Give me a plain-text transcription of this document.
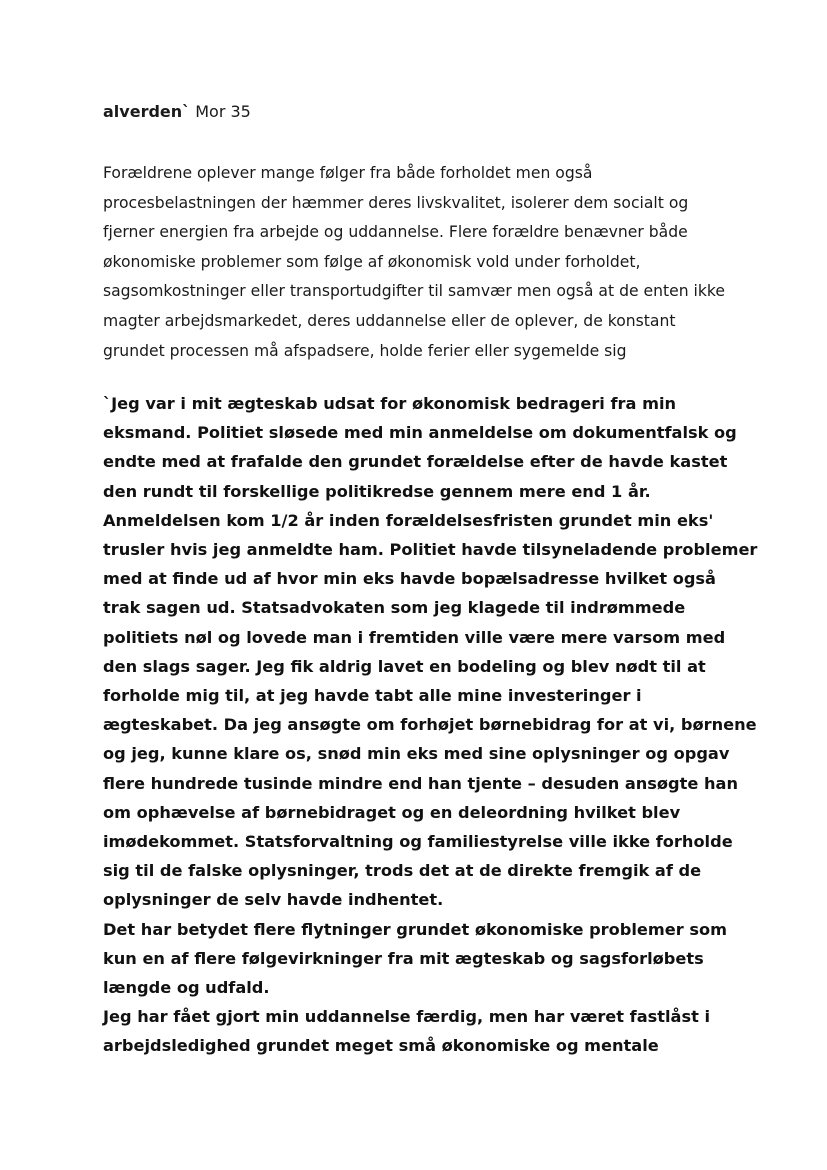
alverden` Mor 35
Forældrene oplever mange følger fra både forholdet men også
procesbelastningen der hæmmer deres livskvalitet, isolerer dem socialt og
fjerner energien fra arbejde og uddannelse. Flere forældre benævner både
økonomiske problemer som følge af økonomisk vold under forholdet,
sagsomkostninger eller transportudgifter til samvær men også at de enten ikke
magter arbejdsmarkedet, deres uddannelse eller de oplever, de konstant
grundet processen må afspadsere, holde ferier eller sygemelde sig
`Jeg var i mit ægteskab udsat for økonomisk bedrageri fra min
eksmand. Politiet sløsede med min anmeldelse om dokumentfalsk og
endte med at frafalde den grundet forældelse efter de havde kastet
den rundt til forskellige politikredse gennem mere end 1 år.
Anmeldelsen kom 1/2 år inden forældelsesfristen grundet min eks'
trusler hvis jeg anmeldte ham. Politiet havde tilsyneladende problemer
med at finde ud af hvor min eks havde bopælsadresse hvilket også
trak sagen ud. Statsadvokaten som jeg klagede til indrømmede
politiets nøl og lovede man i fremtiden ville være mere varsom med
den slags sager. Jeg fik aldrig lavet en bodeling og blev nødt til at
forholde mig til, at jeg havde tabt alle mine investeringer i
ægteskabet. Da jeg ansøgte om forhøjet børnebidrag for at vi, børnene
og jeg, kunne klare os, snød min eks med sine oplysninger og opgav
flere hundrede tusinde mindre end han tjente – desuden ansøgte han
om ophævelse af børnebidraget og en deleordning hvilket blev
imødekommet. Statsforvaltning og familiestyrelse ville ikke forholde
sig til de falske oplysninger, trods det at de direkte fremgik af de
oplysninger de selv havde indhentet.
Det har betydet flere flytninger grundet økonomiske problemer som
kun en af flere følgevirkninger fra mit ægteskab og sagsforløbets
længde og udfald.
Jeg har fået gjort min uddannelse færdig, men har været fastlåst i
arbejdsledighed grundet meget små økonomiske og mentale
